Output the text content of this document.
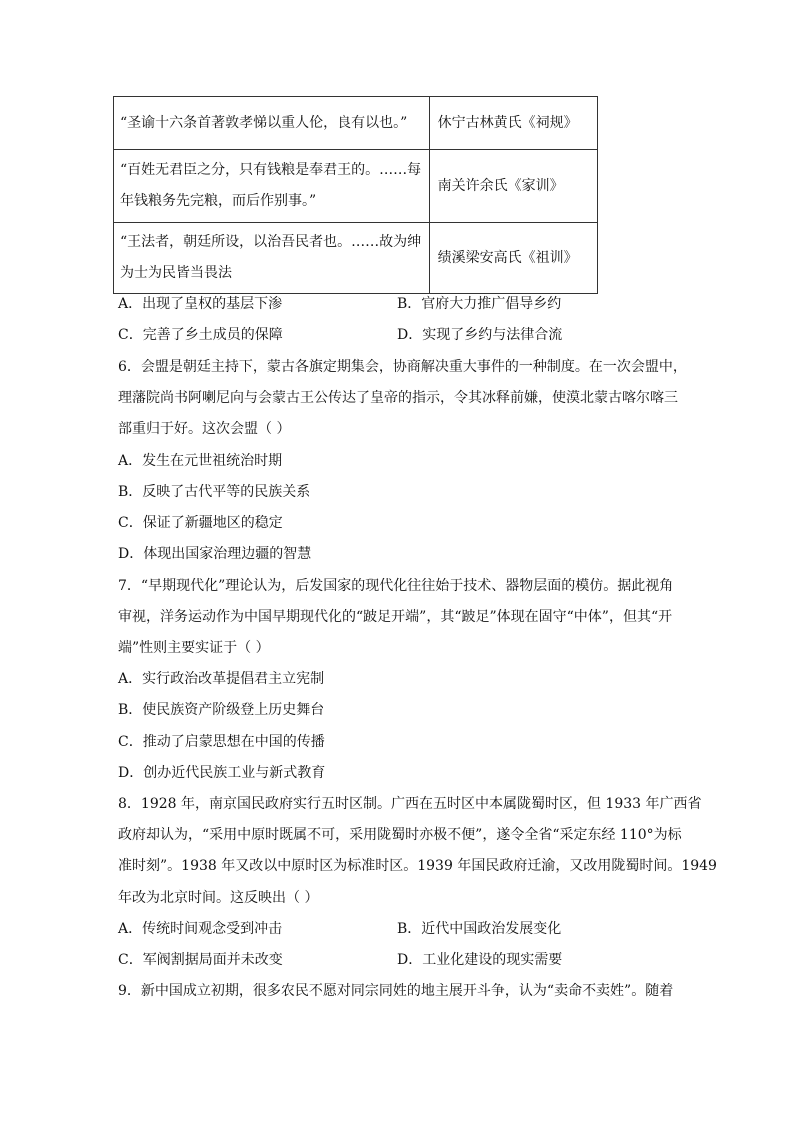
“圣谕十六条首著敦孝悌以重人伦，良有以也。”	休宁古林黄氏《祠规》

“百姓无君臣之分，只有钱粮是奉君王的。……每
年钱粮务先完粮，而后作别事。”	南关许余氏《家训》

“王法者，朝廷所设，以治吾民者也。……故为绅
为士为民皆当畏法	绩溪梁安高氏《祖训》
A．出现了皇权的基层下渗	B．官府大力推广倡导乡约
C．完善了乡土成员的保障	D．实现了乡约与法律合流
6．会盟是朝廷主持下，蒙古各旗定期集会，协商解决重大事件的一种制度。在一次会盟中，
理藩院尚书阿喇尼向与会蒙古王公传达了皇帝的指示，令其冰释前嫌，使漠北蒙古喀尔喀三
部重归于好。这次会盟（ ）
A．发生在元世祖统治时期
B．反映了古代平等的民族关系
C．保证了新疆地区的稳定
D．体现出国家治理边疆的智慧
7．“早期现代化”理论认为，后发国家的现代化往往始于技术、器物层面的模仿。据此视角
审视，洋务运动作为中国早期现代化的“跛足开端”，其“跛足”体现在固守“中体”，但其“开
端”性则主要实证于（ ）
A．实行政治改革提倡君主立宪制
B．使民族资产阶级登上历史舞台
C．推动了启蒙思想在中国的传播
D．创办近代民族工业与新式教育
8．1928 年，南京国民政府实行五时区制。广西在五时区中本属陇蜀时区，但 1933 年广西省
政府却认为，“采用中原时既属不可，采用陇蜀时亦极不便”，遂令全省“采定东经 110°为标
准时刻”。1938 年又改以中原时区为标准时区。1939 年国民政府迁渝，又改用陇蜀时间。1949
年改为北京时间。这反映出（ ）
A．传统时间观念受到冲击	B．近代中国政治发展变化
C．军阀割据局面并未改变	D．工业化建设的现实需要
9．新中国成立初期，很多农民不愿对同宗同姓的地主展开斗争，认为“卖命不卖姓”。随着
